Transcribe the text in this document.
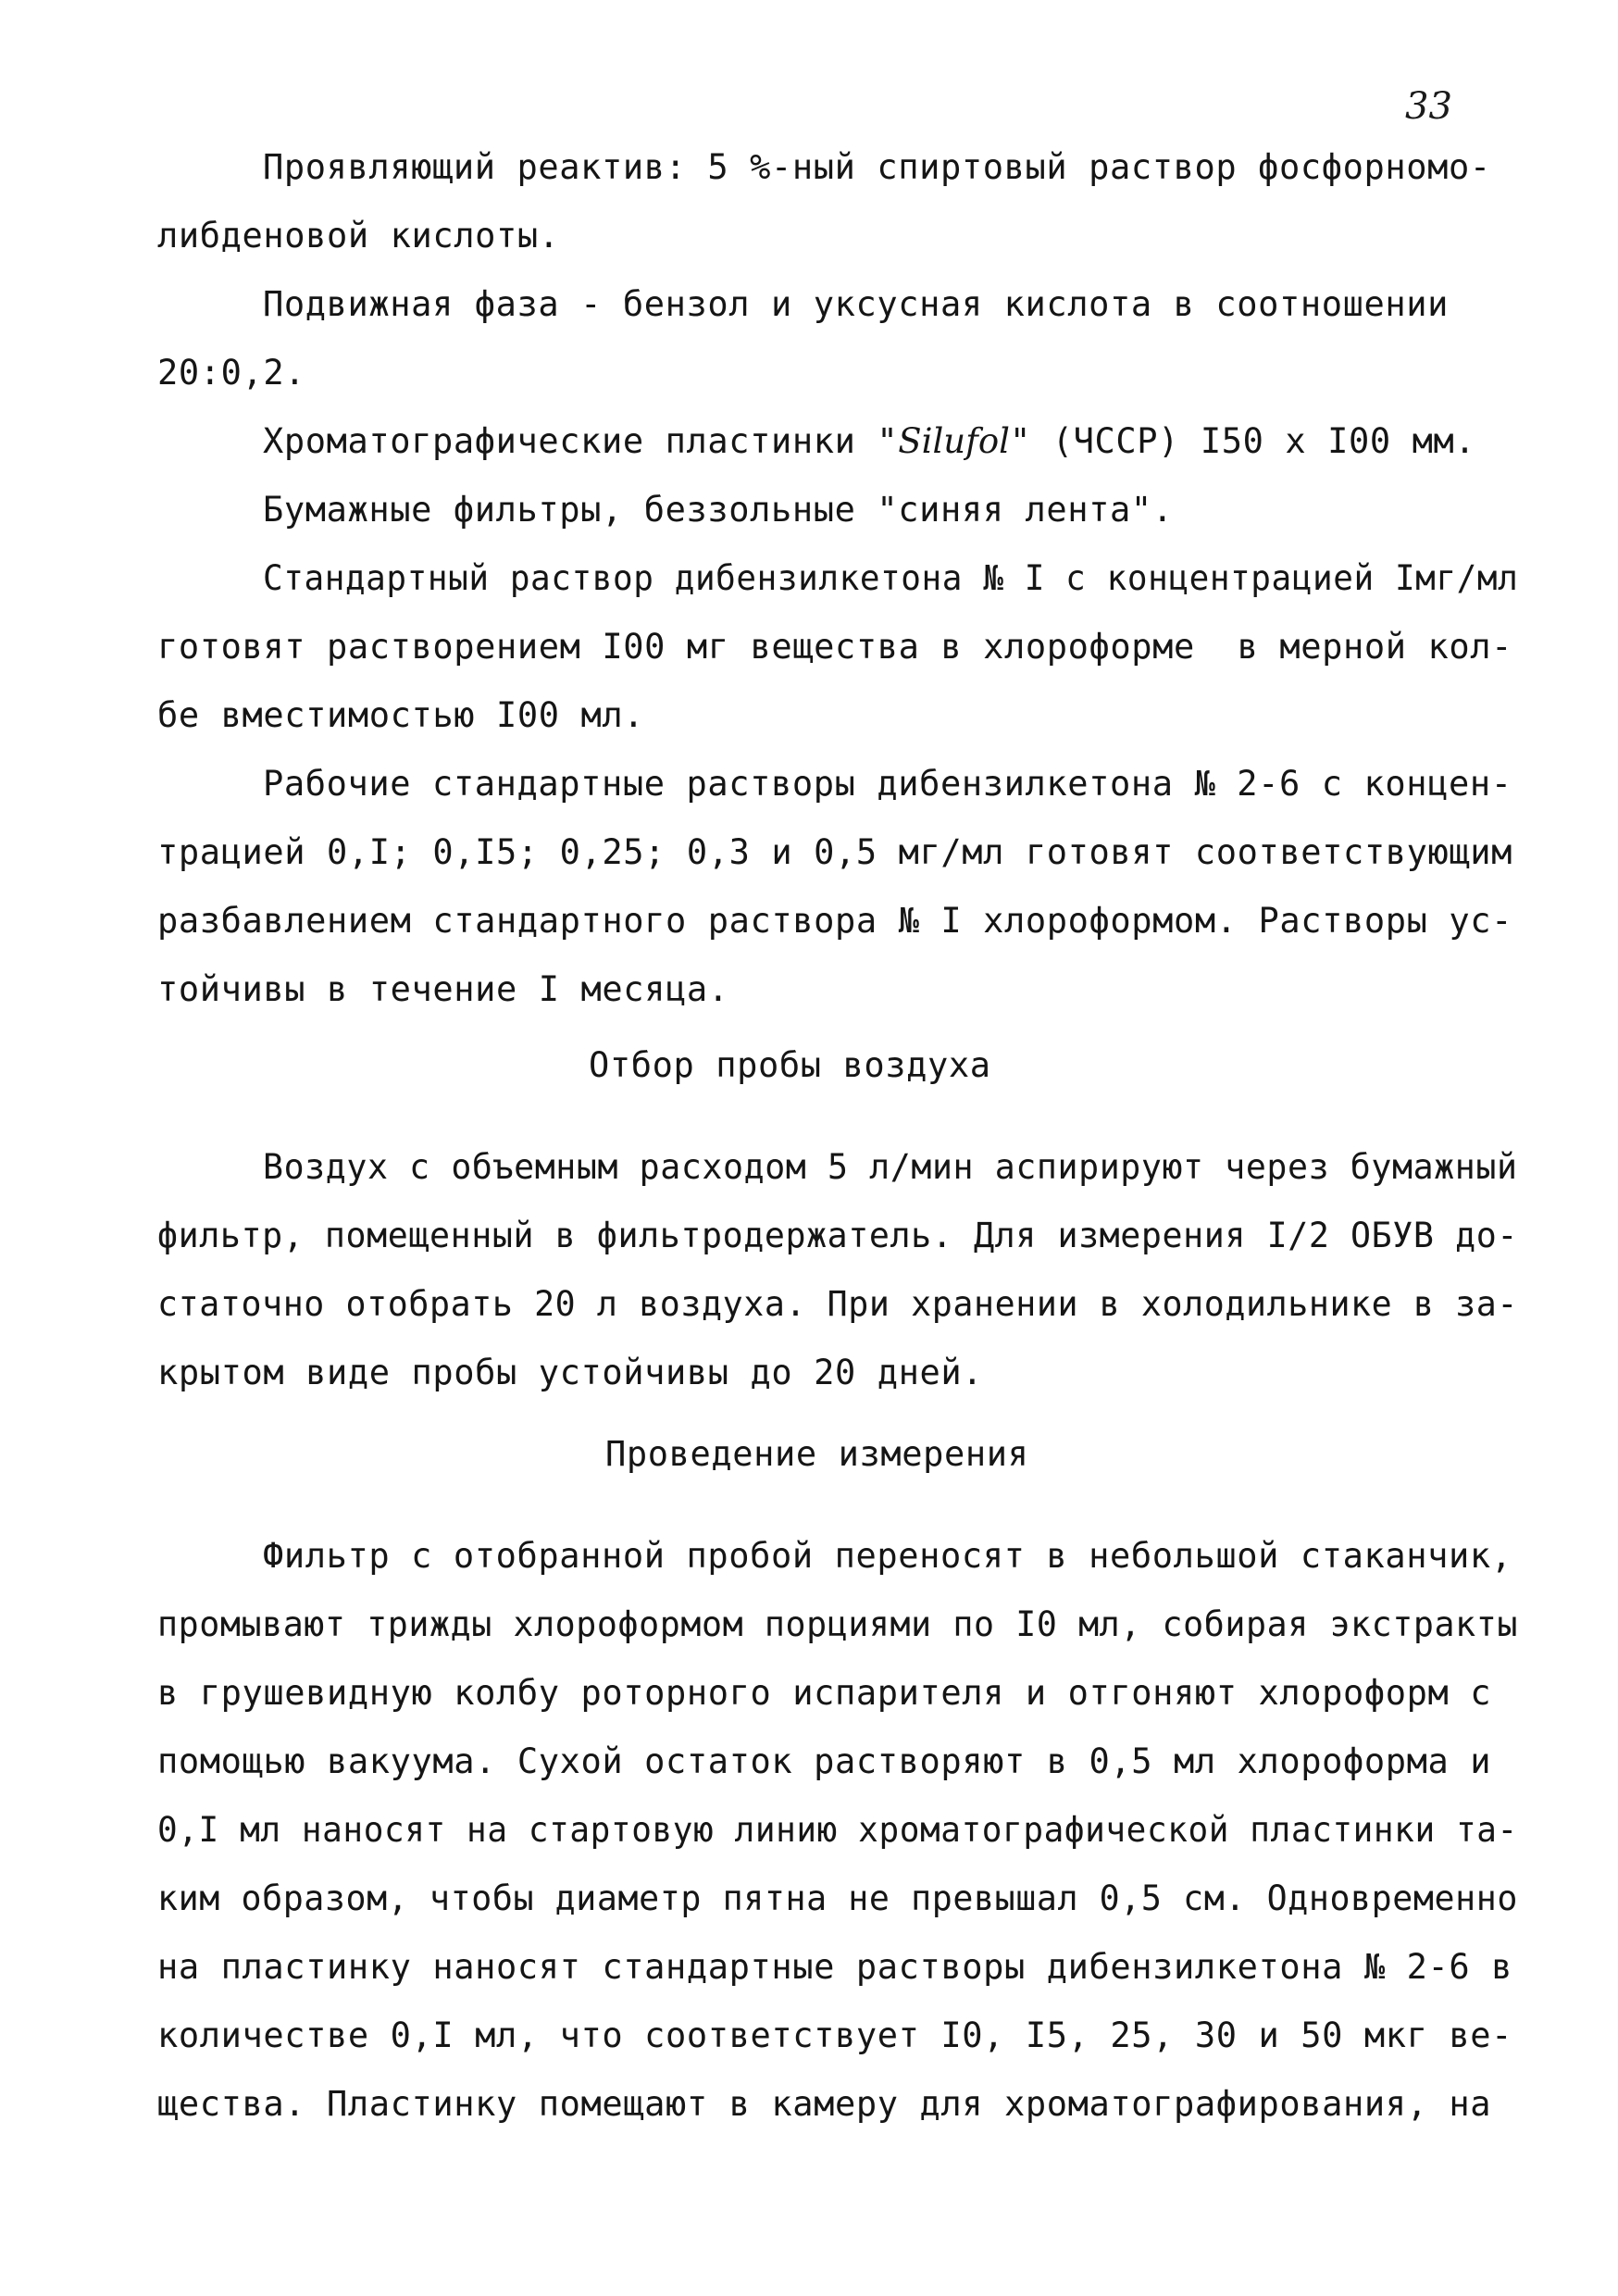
33
Проявляющий реактив: 5 %-ный спиртовый раствор фосфорномо-
либденовой кислоты.
Подвижная фаза - бензол и уксусная кислота в соотношении
20:0,2.
Хроматографические пластинки "Silufol" (ЧССР) I50 х I00 мм.
Бумажные фильтры, беззольные "синяя лента".
Стандартный раствор дибензилкетона № I с концентрацией Iмг/мл
готовят растворением I00 мг вещества в хлороформе  в мерной кол-
бе вместимостью I00 мл.
Рабочие стандартные растворы дибензилкетона № 2-6 с концен-
трацией 0,I; 0,I5; 0,25; 0,3 и 0,5 мг/мл готовят соответствующим
разбавлением стандартного раствора № I хлороформом. Растворы ус-
тойчивы в течение I месяца.
Отбор пробы воздуха
Воздух с объемным расходом 5 л/мин аспирируют через бумажный
фильтр, помещенный в фильтродержатель. Для измерения I/2 ОБУВ до-
статочно отобрать 20 л воздуха. При хранении в холодильнике в за-
крытом виде пробы устойчивы до 20 дней.
Проведение измерения
Фильтр с отобранной пробой переносят в небольшой стаканчик,
промывают трижды хлороформом порциями по I0 мл, собирая экстракты
в грушевидную колбу роторного испарителя и отгоняют хлороформ с
помощью вакуума. Сухой остаток растворяют в 0,5 мл хлороформа и
0,I мл наносят на стартовую линию хроматографической пластинки та-
ким образом, чтобы диаметр пятна не превышал 0,5 см. Одновременно
на пластинку наносят стандартные растворы дибензилкетона № 2-6 в
количестве 0,I мл, что соответствует I0, I5, 25, 30 и 50 мкг ве-
щества. Пластинку помещают в камеру для хроматографирования, на
